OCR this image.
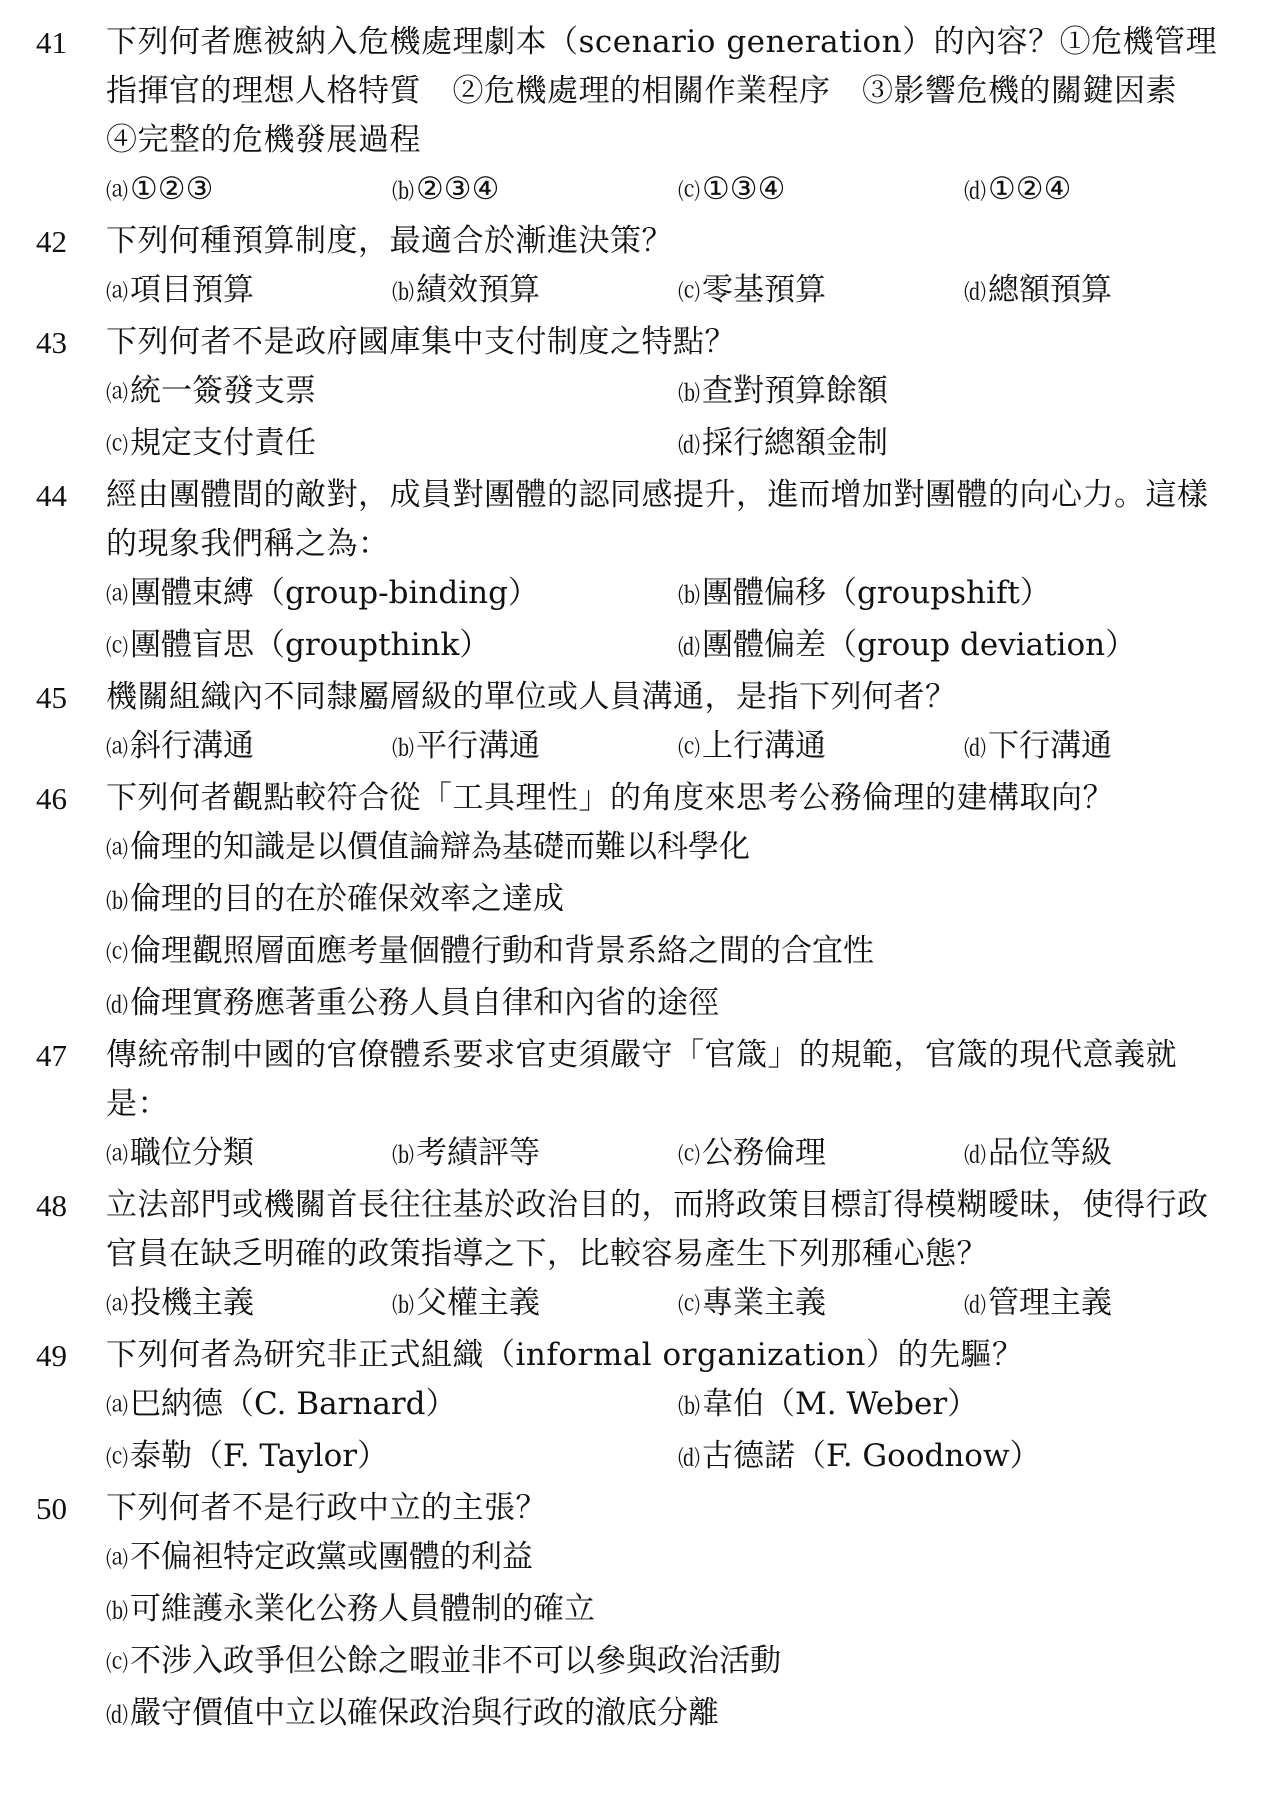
41	下列何者應被納入危機處理劇本（scenario generation）的內容？①危機管理指揮官的理想人格特質　②危機處理的相關作業程序　③影響危機的關鍵因素　④完整的危機發展過程
⒜ ①②③	⒝ ②③④	⒞ ①③④	⒟ ①②④
42	下列何種預算制度，最適合於漸進決策？
⒜ 項目預算	⒝ 績效預算	⒞ 零基預算	⒟ 總額預算
43	下列何者不是政府國庫集中支付制度之特點？
⒜ 統一簽發支票	⒝ 查對預算餘額
⒞ 規定支付責任	⒟ 採行總額金制
44	經由團體間的敵對，成員對團體的認同感提升，進而增加對團體的向心力。這樣的現象我們稱之為：
⒜ 團體束縛（group-binding）	⒝ 團體偏移（groupshift）
⒞ 團體盲思（groupthink）	⒟ 團體偏差（group deviation）
45	機關組織內不同隸屬層級的單位或人員溝通，是指下列何者？
⒜ 斜行溝通	⒝ 平行溝通	⒞ 上行溝通	⒟ 下行溝通
46	下列何者觀點較符合從「工具理性」的角度來思考公務倫理的建構取向？
⒜ 倫理的知識是以價值論辯為基礎而難以科學化
⒝ 倫理的目的在於確保效率之達成
⒞ 倫理觀照層面應考量個體行動和背景系絡之間的合宜性
⒟ 倫理實務應著重公務人員自律和內省的途徑
47	傳統帝制中國的官僚體系要求官吏須嚴守「官箴」的規範，官箴的現代意義就是：
⒜ 職位分類	⒝ 考績評等	⒞ 公務倫理	⒟ 品位等級
48	立法部門或機關首長往往基於政治目的，而將政策目標訂得模糊曖昧，使得行政官員在缺乏明確的政策指導之下，比較容易產生下列那種心態？
⒜ 投機主義	⒝ 父權主義	⒞ 專業主義	⒟ 管理主義
49	下列何者為研究非正式組織（informal organization）的先驅？
⒜ 巴納德（C. Barnard）	⒝ 韋伯（M. Weber）
⒞ 泰勒（F. Taylor）	⒟ 古德諾（F. Goodnow）
50	下列何者不是行政中立的主張？
⒜ 不偏袒特定政黨或團體的利益
⒝ 可維護永業化公務人員體制的確立
⒞ 不涉入政爭但公餘之暇並非不可以參與政治活動
⒟ 嚴守價值中立以確保政治與行政的澈底分離
